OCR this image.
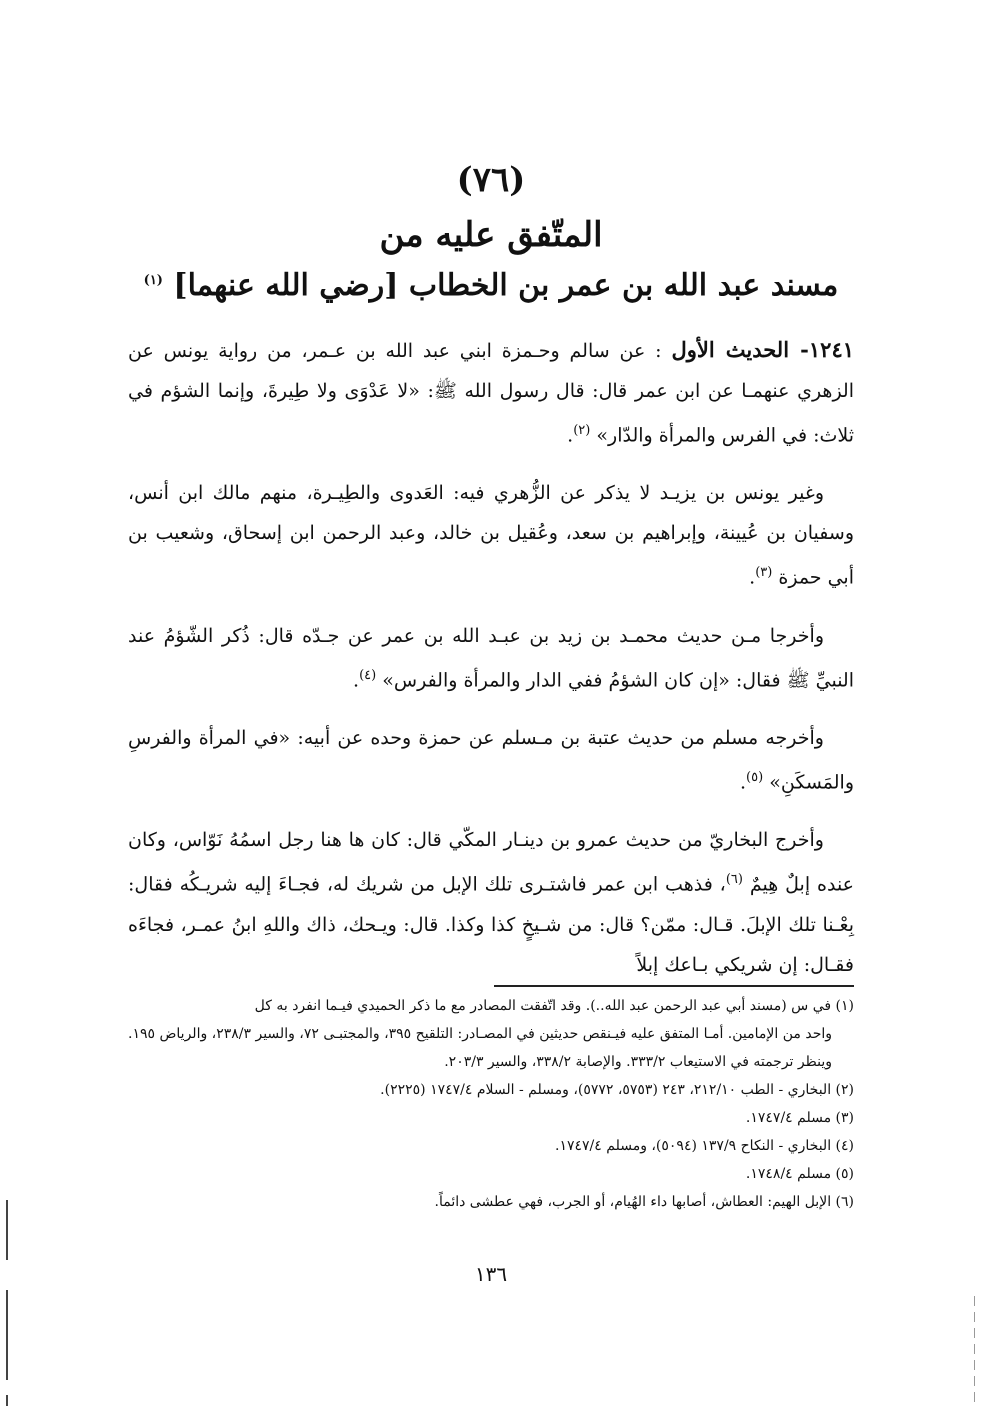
(٧٦)
المتّفق عليه من
مسند عبد الله بن عمر بن الخطاب [رضي الله عنهما] $^{(١)}$

١٢٤١- الحديث الأول : عن سالم وحـمزة ابني عبد الله بن عـمر، من رواية يونس عن الزهري عنهمـا عن ابن عمر قال: قال رسول الله ﷺ: «لا عَدْوَى ولا طِيرةَ، وإنما الشؤم في ثلاث: في الفرس والمرأة والدّار» $^{(٢)}$.

وغير يونس بن يزيـد لا يذكر عن الزُّهري فيه: العَدوى والطِيـرة، منهم مالك ابن أنس، وسفيان بن عُيينة، وإبراهيم بن سعد، وعُقيل بن خالد، وعبد الرحمن ابن إسحاق، وشعيب بن أبي حمزة $^{(٣)}$.

وأخرجا مـن حديث محمـد بن زيد بن عبـد الله بن عمر عن جـدّه قال: ذُكر الشّؤمُ عند النبيِّ ﷺ فقال: «إن كان الشؤمُ ففي الدار والمرأة والفرس» $^{(٤)}$.

وأخرجه مسلم من حديث عتبة بن مـسلم عن حمزة وحده عن أبيه: «في المرأة والفرسِ والمَسكَنِ» $^{(٥)}$.

وأخرج البخاريّ من حديث عمرو بن دينـار المكّي قال: كان ها هنا رجل اسمُهُ نَوّاس، وكان عنده إبلٌ هِيمٌ $^{(٦)}$، فذهب ابن عمر فاشتـرى تلك الإبل من شريك له، فجـاءَ إليه شريـكُه فقال: بِعْـنا تلك الإبلَ. قـال: ممّن؟ قال: من شـيخٍ كذا وكذا. قال: ويـحك، ذاك واللهِ ابنُ عمـر، فجاءَه فقـال: إن شريكي بـاعك إبلاً

(١) في س (مسند أبي عبد الرحمن عبد الله..). وقد اتّفقت المصادر مع ما ذكر الحميدي فيـما انفرد به كل
واحد من الإمامين. أمـا المتفق عليه فيـنقص حديثين في المصـادر: التلقيح ٣٩٥، والمجتبـى ٧٢، والسير ٢٣٨/٣، والرياض ١٩٥. وينظر ترجمته في الاستيعاب ٣٣٣/٢. والإصابة ٣٣٨/٢، والسير ٢٠٣/٣.
(٢) البخاري - الطب ٢١٢/١٠، ٢٤٣ (٥٧٥٣، ٥٧٧٢)، ومسلم - السلام ١٧٤٧/٤ (٢٢٢٥).
(٣) مسلم ١٧٤٧/٤.
(٤) البخاري - النكاح ١٣٧/٩ (٥٠٩٤)، ومسلم ١٧٤٧/٤.
(٥) مسلم ١٧٤٨/٤.
(٦) الإبل الهيم: العطاش، أصابها داء الهُيام، أو الجرب، فهي عطشى دائماً.
١٣٦
